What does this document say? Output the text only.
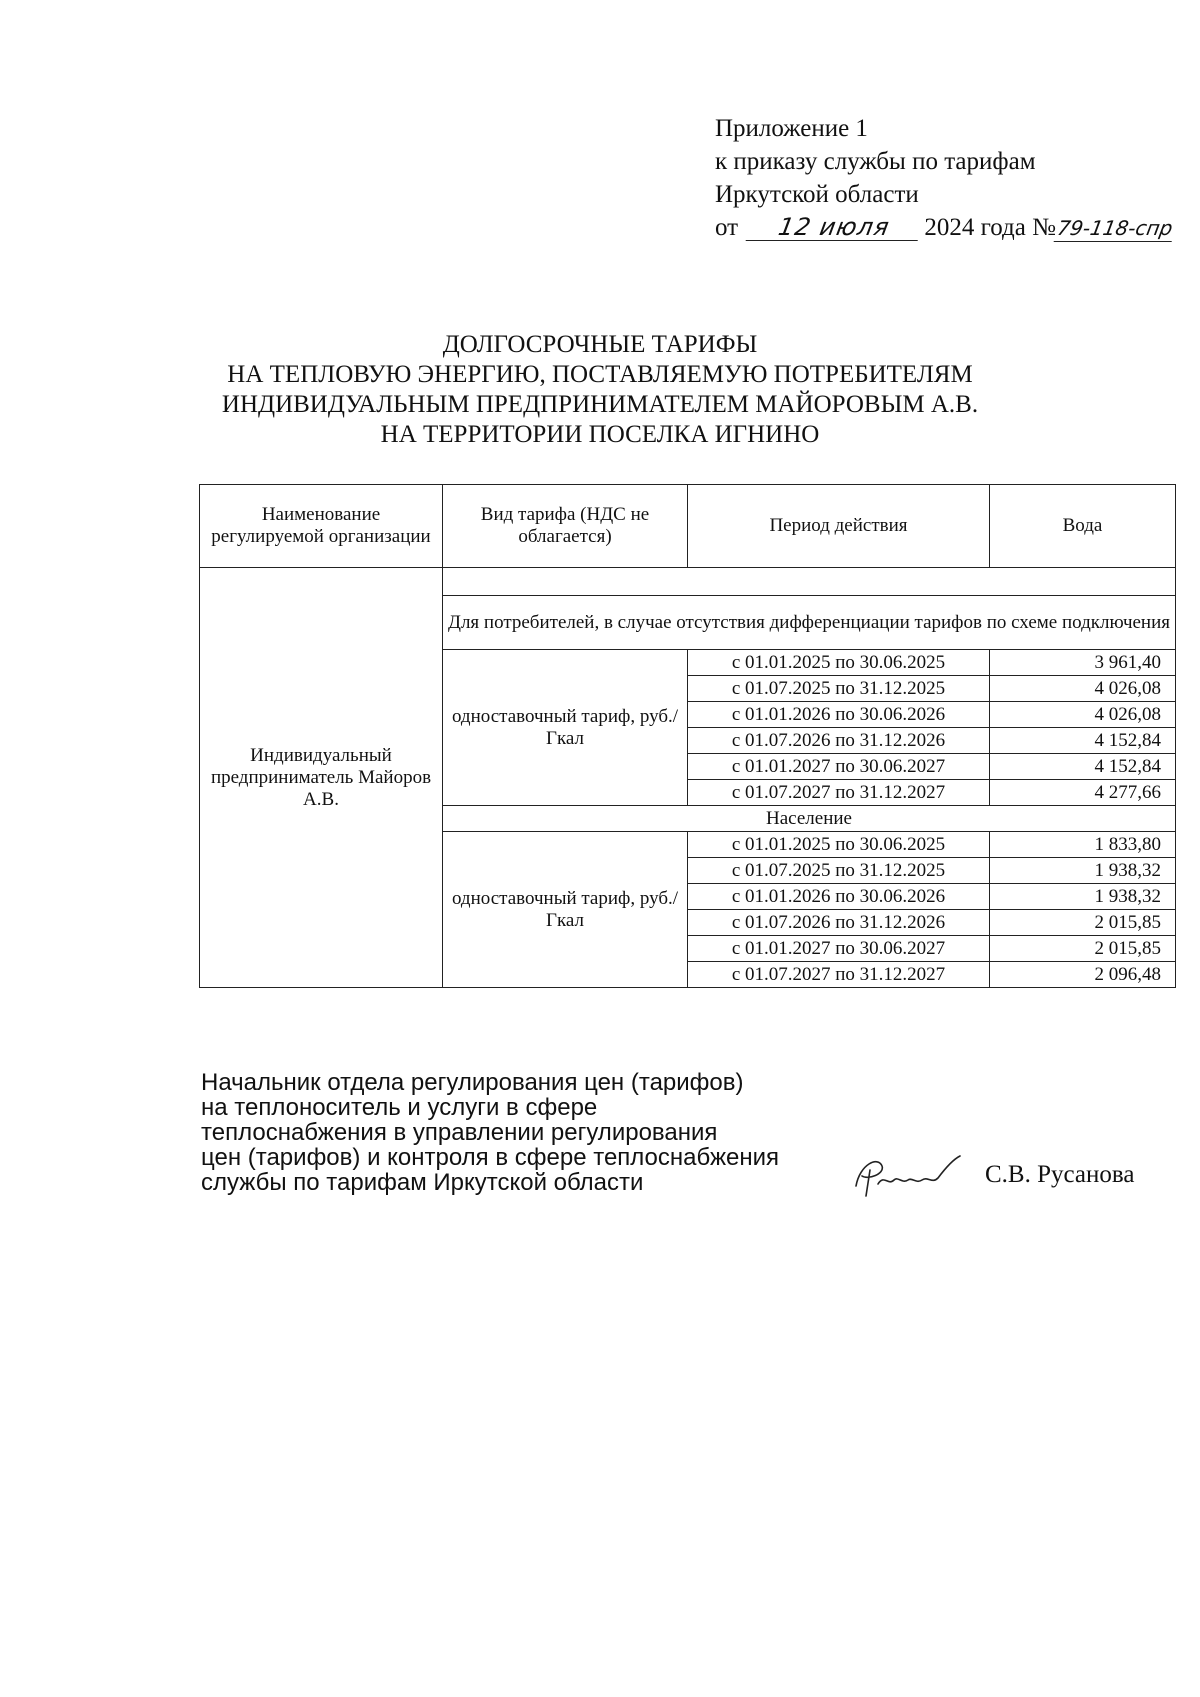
Приложение 1
к приказу службы по тарифам
Иркутской области
от 12 июля 2024 года №79-118-спр
ДОЛГОСРОЧНЫЕ ТАРИФЫ
НА ТЕПЛОВУЮ ЭНЕРГИЮ, ПОСТАВЛЯЕМУЮ ПОТРЕБИТЕЛЯМ
ИНДИВИДУАЛЬНЫМ ПРЕДПРИНИМАТЕЛЕМ МАЙОРОВЫМ А.В.
НА ТЕРРИТОРИИ ПОСЕЛКА ИГНИНО
Наименование регулируемой организации	Вид тарифа (НДС не облагается)	Период действия	Вода
Индивидуальный предприниматель Майоров А.В.			
	Для потребителей, в случае отсутствия дифференциации тарифов по схеме подключения		
	одноставочный тариф, руб./Гкал	с 01.01.2025 по 30.06.2025	3 961,40
		с 01.07.2025 по 31.12.2025	4 026,08
		с 01.01.2026 по 30.06.2026	4 026,08
		с 01.07.2026 по 31.12.2026	4 152,84
		с 01.01.2027 по 30.06.2027	4 152,84
		с 01.07.2027 по 31.12.2027	4 277,66
	Население		
	одноставочный тариф, руб./Гкал	с 01.01.2025 по 30.06.2025	1 833,80
		с 01.07.2025 по 31.12.2025	1 938,32
		с 01.01.2026 по 30.06.2026	1 938,32
		с 01.07.2026 по 31.12.2026	2 015,85
		с 01.01.2027 по 30.06.2027	2 015,85
		с 01.07.2027 по 31.12.2027	2 096,48
Начальник отдела регулирования цен (тарифов)
на теплоноситель и услуги в сфере
теплоснабжения в управлении регулирования
цен (тарифов) и контроля в сфере теплоснабжения
службы по тарифам Иркутской области	С.В. Русанова
